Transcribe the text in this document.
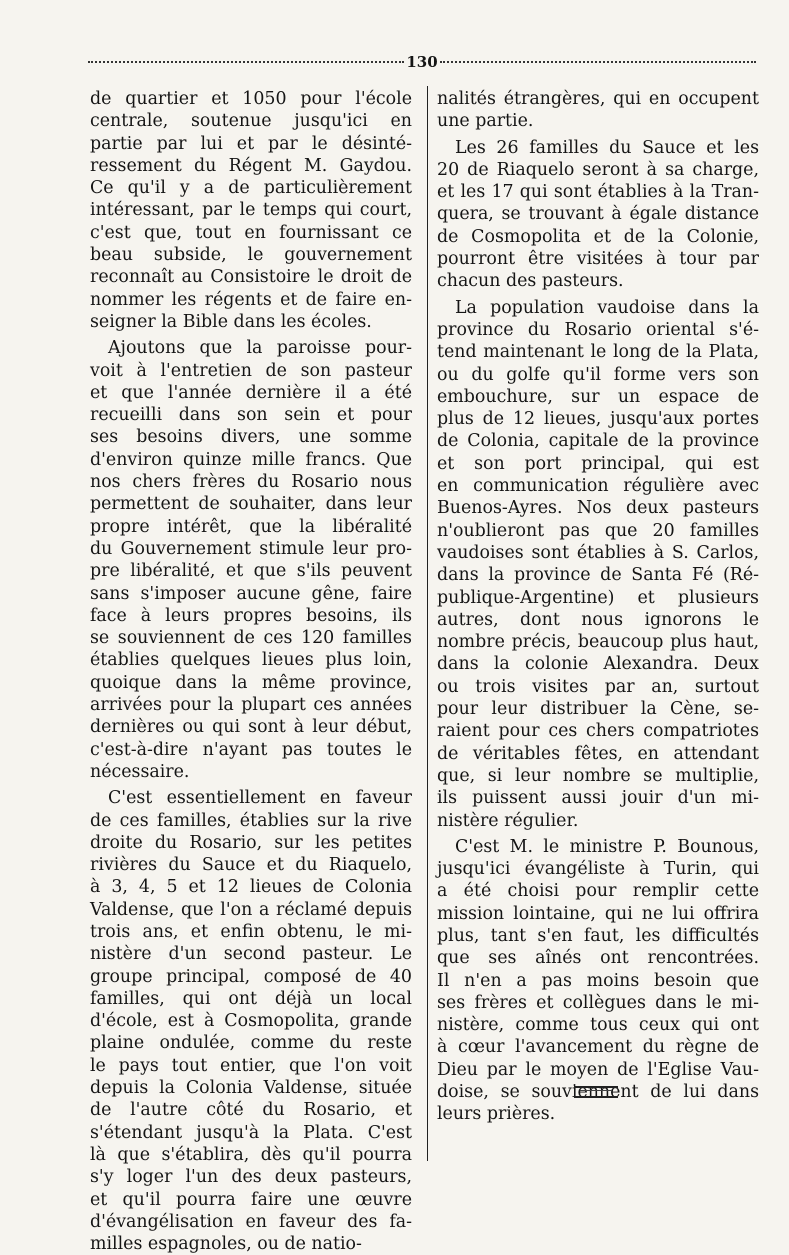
130

de quartier et 1050 pour l'école
centrale, soutenue jusqu'ici en
partie par lui et par le désinté-
ressement du Régent M. Gaydou.
Ce qu'il y a de particulièrement
intéressant, par le temps qui court,
c'est que, tout en fournissant ce
beau subside, le gouvernement
reconnaît au Consistoire le droit de
nommer les régents et de faire en-
seigner la Bible dans les écoles.

Ajoutons que la paroisse pour-
voit à l'entretien de son pasteur
et que l'année dernière il a été
recueilli dans son sein et pour
ses besoins divers, une somme
d'environ quinze mille francs. Que
nos chers frères du Rosario nous
permettent de souhaiter, dans leur
propre intérêt, que la libéralité
du Gouvernement stimule leur pro-
pre libéralité, et que s'ils peuvent
sans s'imposer aucune gêne, faire
face à leurs propres besoins, ils
se souviennent de ces 120 familles
établies quelques lieues plus loin,
quoique dans la même province,
arrivées pour la plupart ces années
dernières ou qui sont à leur début,
c'est-à-dire n'ayant pas toutes le
nécessaire.

C'est essentiellement en faveur
de ces familles, établies sur la rive
droite du Rosario, sur les petites
rivières du Sauce et du Riaquelo,
à 3, 4, 5 et 12 lieues de Colonia
Valdense, que l'on a réclamé depuis
trois ans, et enfin obtenu, le mi-
nistère d'un second pasteur. Le
groupe principal, composé de 40
familles, qui ont déjà un local
d'école, est à Cosmopolita, grande
plaine ondulée, comme du reste
le pays tout entier, que l'on voit
depuis la Colonia Valdense, située
de l'autre côté du Rosario, et
s'étendant jusqu'à la Plata. C'est
là que s'établira, dès qu'il pourra
s'y loger l'un des deux pasteurs,
et qu'il pourra faire une œuvre
d'évangélisation en faveur des fa-
milles espagnoles, ou de natio-

nalités étrangères, qui en occupent
une partie.

Les 26 familles du Sauce et les
20 de Riaquelo seront à sa charge,
et les 17 qui sont établies à la Tran-
quera, se trouvant à égale distance
de Cosmopolita et de la Colonie,
pourront être visitées à tour par
chacun des pasteurs.

La population vaudoise dans la
province du Rosario oriental s'é-
tend maintenant le long de la Plata,
ou du golfe qu'il forme vers son
embouchure, sur un espace de
plus de 12 lieues, jusqu'aux portes
de Colonia, capitale de la province
et son port principal, qui est
en communication régulière avec
Buenos-Ayres. Nos deux pasteurs
n'oublieront pas que 20 familles
vaudoises sont établies à S. Carlos,
dans la province de Santa Fé (Ré-
publique-Argentine) et plusieurs
autres, dont nous ignorons le
nombre précis, beaucoup plus haut,
dans la colonie Alexandra. Deux
ou trois visites par an, surtout
pour leur distribuer la Cène, se-
raient pour ces chers compatriotes
de véritables fêtes, en attendant
que, si leur nombre se multiplie,
ils puissent aussi jouir d'un mi-
nistère régulier.

C'est M. le ministre P. Bounous,
jusqu'ici évangéliste à Turin, qui
a été choisi pour remplir cette
mission lointaine, qui ne lui offrira
plus, tant s'en faut, les difficultés
que ses aînés ont rencontrées.
Il n'en a pas moins besoin que
ses frères et collègues dans le mi-
nistère, comme tous ceux qui ont
à cœur l'avancement du règne de
Dieu par le moyen de l'Eglise Vau-
doise, se souviennent de lui dans
leurs prières.
